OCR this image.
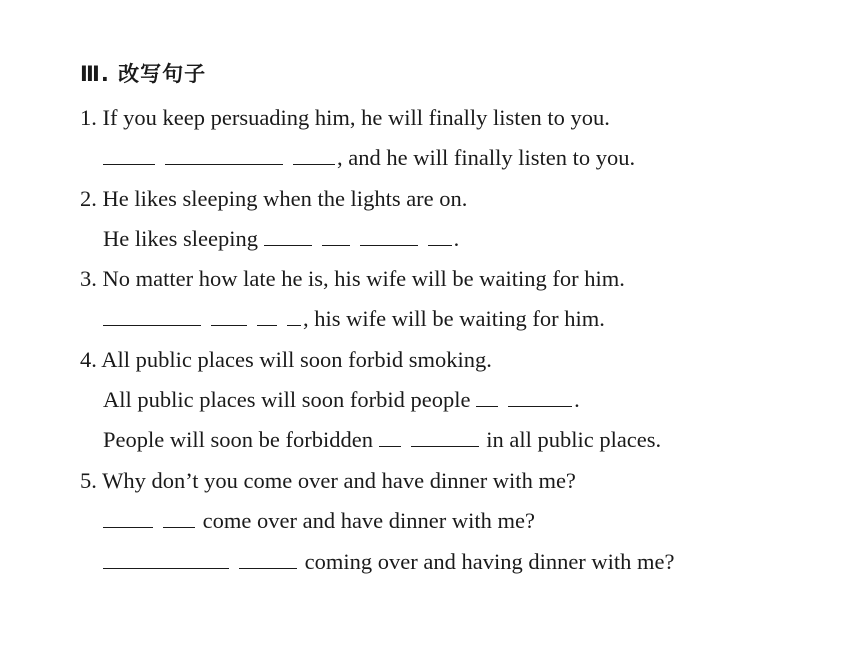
Ⅲ. 改写句子
1. If you keep persuading him, he will finally listen to you.
, and he will finally listen to you.
2. He likes sleeping when the lights are on.
He likes sleeping	.
3. No matter how late he is, his wife will be waiting for him.
, his wife will be waiting for him.
4. All public places will soon forbid smoking.
All public places will soon forbid people	.
People will soon be forbidden	in all public places.
5. Why don’t you come over and have dinner with me?
come over and have dinner with me?
coming over and having dinner with me?
